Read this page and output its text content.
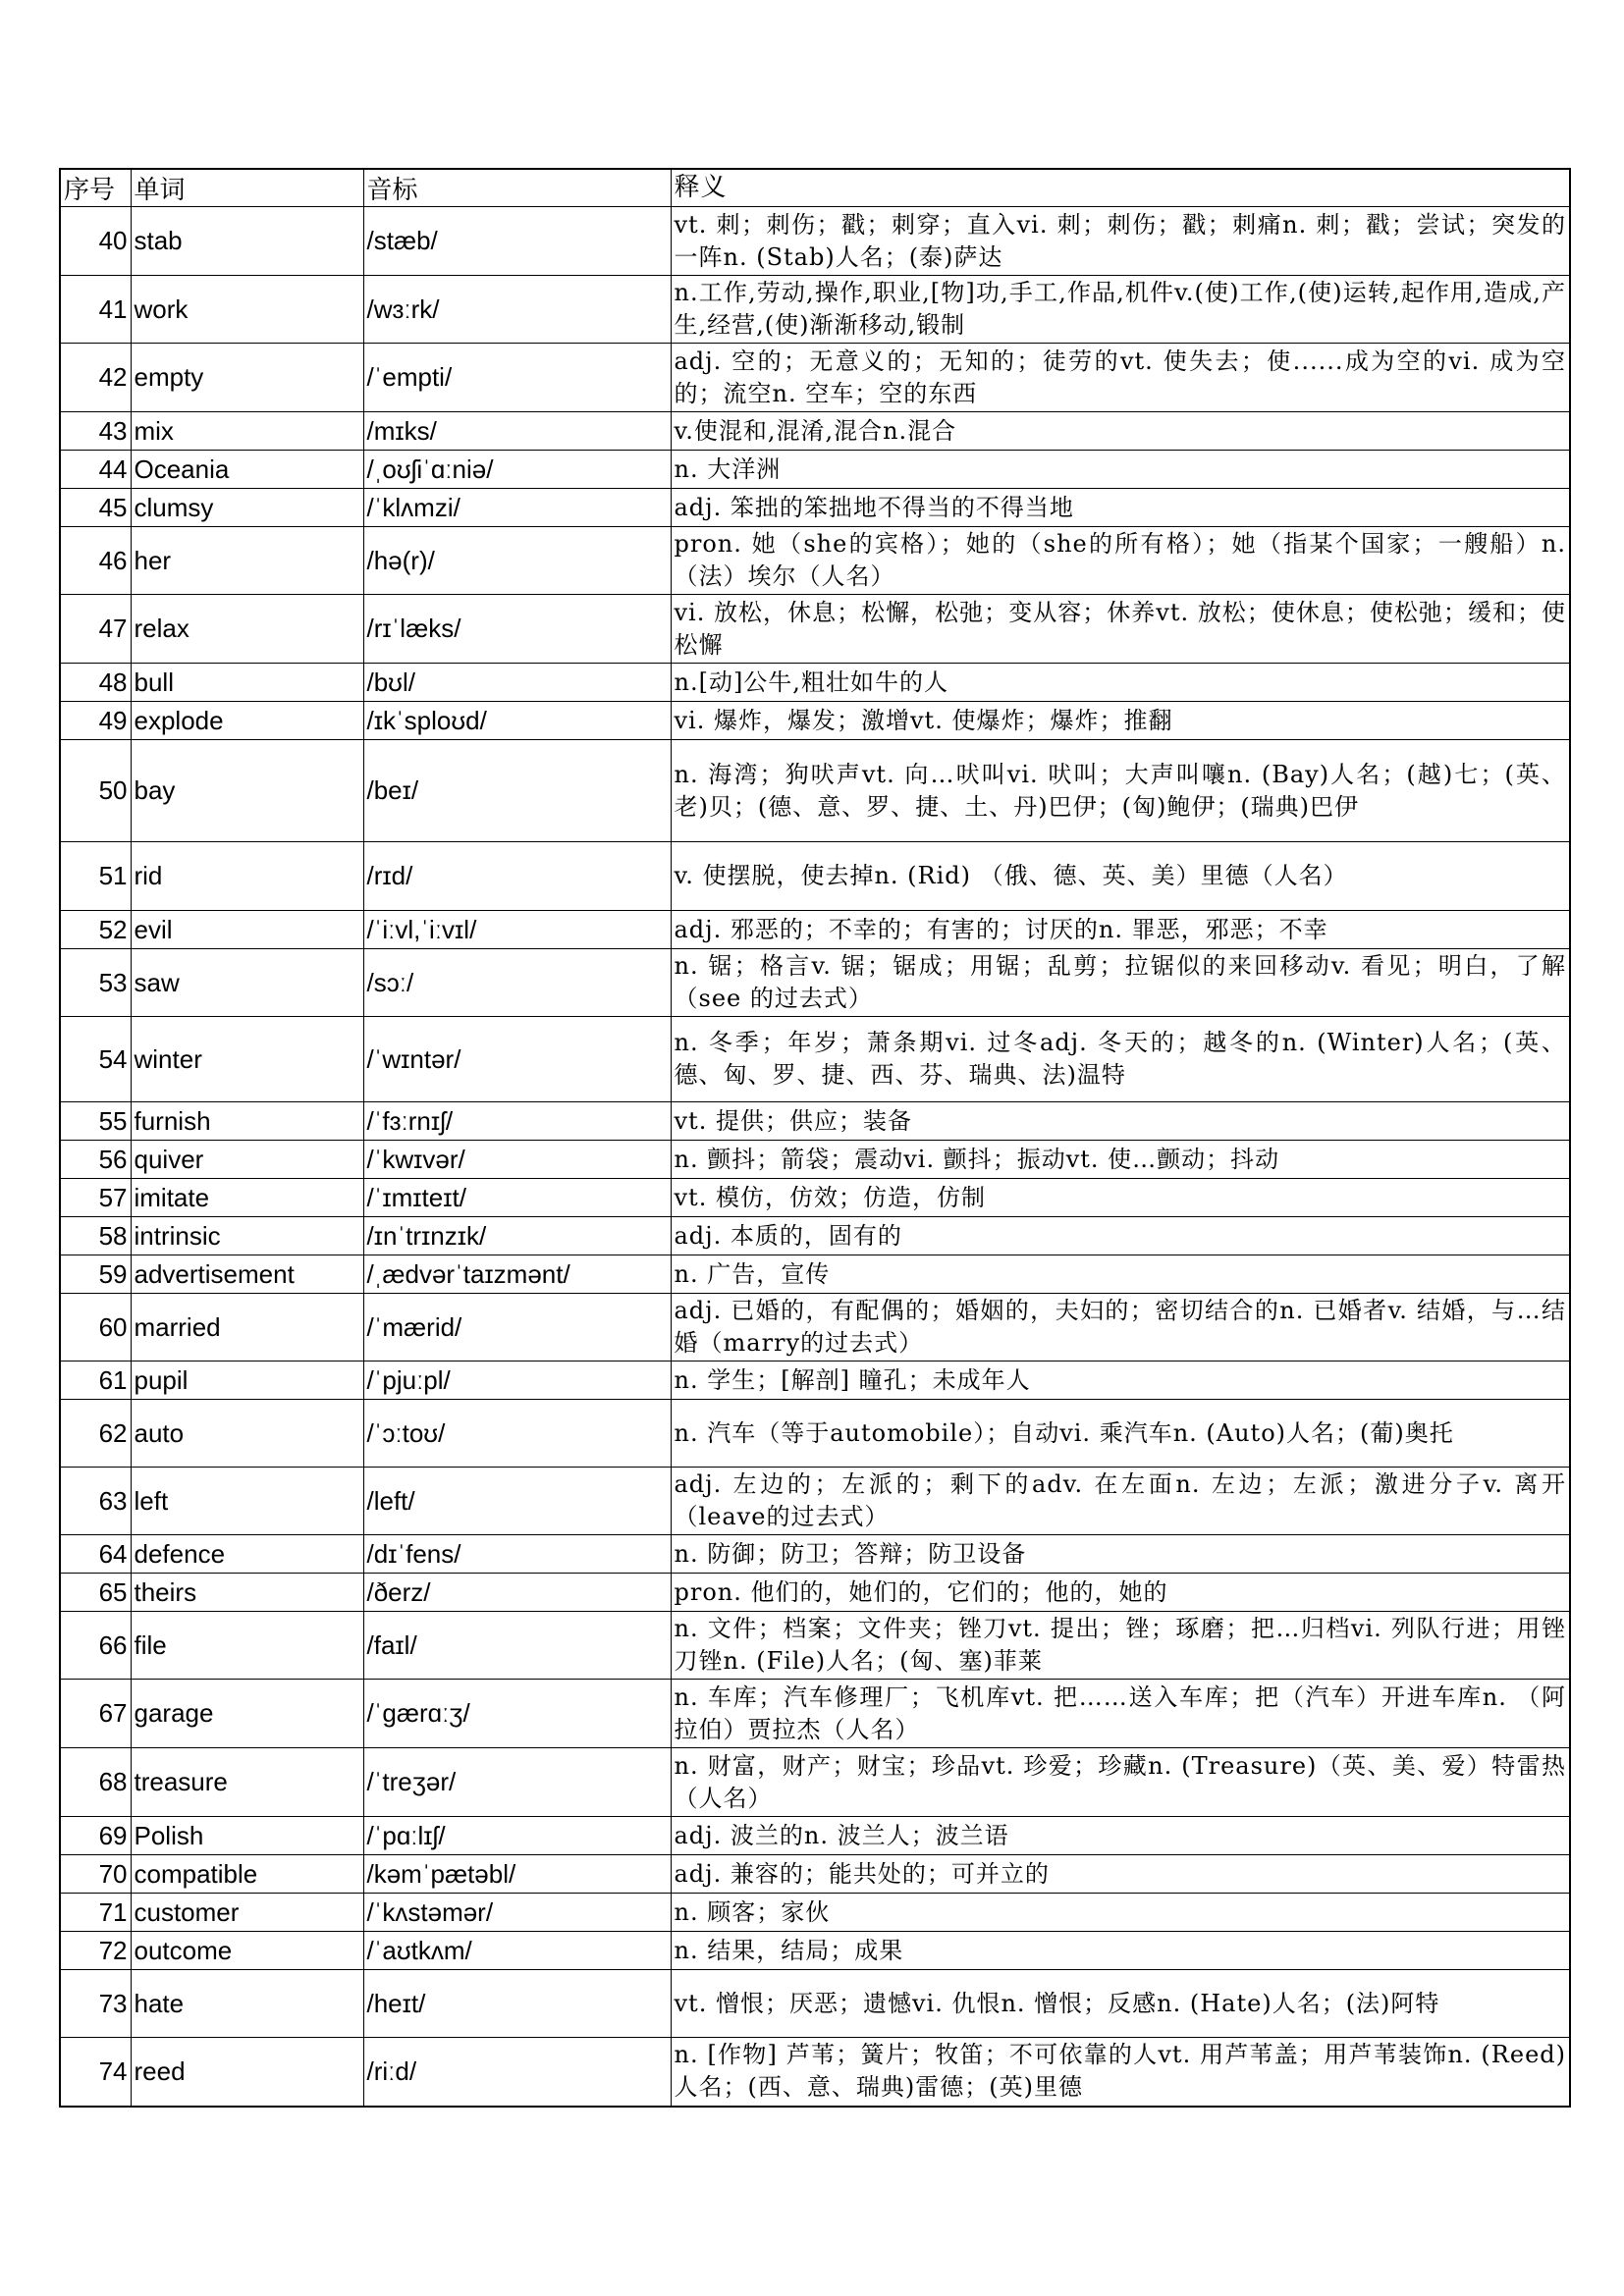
序号	单词	音标	释义
40	stab	/stæb/	vt. 刺；刺伤；戳；刺穿；直入vi. 刺；刺伤；戳；刺痛n. 刺；戳；尝试；突发的一阵n. (Stab)人名；(泰)萨达
41	work	/wɜːrk/	n.工作,劳动,操作,职业,[物]功,手工,作品,机件v.(使)工作,(使)运转,起作用,造成,产生,经营,(使)渐渐移动,锻制
42	empty	/ˈempti/	adj. 空的；无意义的；无知的；徒劳的vt. 使失去；使......成为空的vi. 成为空的；流空n. 空车；空的东西
43	mix	/mɪks/	v.使混和,混淆,混合n.混合
44	Oceania	/ˌoʊʃiˈɑːniə/	n. 大洋洲
45	clumsy	/ˈklʌmzi/	adj. 笨拙的笨拙地不得当的不得当地
46	her	/hə(r)/	pron. 她（she的宾格）；她的（she的所有格）；她（指某个国家；一艘船）n. （法）埃尔（人名）
47	relax	/rɪˈlæks/	vi. 放松，休息；松懈，松弛；变从容；休养vt. 放松；使休息；使松弛；缓和；使松懈
48	bull	/bʊl/	n.[动]公牛,粗壮如牛的人
49	explode	/ɪkˈsploʊd/	vi. 爆炸，爆发；激增vt. 使爆炸；爆炸；推翻
50	bay	/beɪ/	n. 海湾；狗吠声vt. 向…吠叫vi. 吠叫；大声叫嚷n. (Bay)人名；(越)七；(英、老)贝；(德、意、罗、捷、土、丹)巴伊；(匈)鲍伊；(瑞典)巴伊
51	rid	/rɪd/	v. 使摆脱，使去掉n. (Rid) （俄、德、英、美）里德（人名）
52	evil	/ˈiːvl,ˈiːvɪl/	adj. 邪恶的；不幸的；有害的；讨厌的n. 罪恶，邪恶；不幸
53	saw	/sɔː/	n. 锯；格言v. 锯；锯成；用锯；乱剪；拉锯似的来回移动v. 看见；明白，了解（see 的过去式）
54	winter	/ˈwɪntər/	n. 冬季；年岁；萧条期vi. 过冬adj. 冬天的；越冬的n. (Winter)人名；(英、德、匈、罗、捷、西、芬、瑞典、法)温特
55	furnish	/ˈfɜːrnɪʃ/	vt. 提供；供应；装备
56	quiver	/ˈkwɪvər/	n. 颤抖；箭袋；震动vi. 颤抖；振动vt. 使…颤动；抖动
57	imitate	/ˈɪmɪteɪt/	vt. 模仿，仿效；仿造，仿制
58	intrinsic	/ɪnˈtrɪnzɪk/	adj. 本质的，固有的
59	advertisement	/ˌædvərˈtaɪzmənt/	n. 广告，宣传
60	married	/ˈmærid/	adj. 已婚的，有配偶的；婚姻的，夫妇的；密切结合的n. 已婚者v. 结婚，与…结婚（marry的过去式）
61	pupil	/ˈpjuːpl/	n. 学生；[解剖] 瞳孔；未成年人
62	auto	/ˈɔːtoʊ/	n. 汽车（等于automobile）；自动vi. 乘汽车n. (Auto)人名；(葡)奥托
63	left	/left/	adj. 左边的；左派的；剩下的adv. 在左面n. 左边；左派；激进分子v. 离开（leave的过去式）
64	defence	/dɪˈfens/	n. 防御；防卫；答辩；防卫设备
65	theirs	/ðerz/	pron. 他们的，她们的，它们的；他的，她的
66	file	/faɪl/	n. 文件；档案；文件夹；锉刀vt. 提出；锉；琢磨；把…归档vi. 列队行进；用锉刀锉n. (File)人名；(匈、塞)菲莱
67	garage	/ˈɡærɑːʒ/	n. 车库；汽车修理厂；飞机库vt. 把……送入车库；把（汽车）开进车库n. （阿拉伯）贾拉杰（人名）
68	treasure	/ˈtreʒər/	n. 财富，财产；财宝；珍品vt. 珍爱；珍藏n. (Treasure)（英、美、爱）特雷热（人名）
69	Polish	/ˈpɑːlɪʃ/	adj. 波兰的n. 波兰人；波兰语
70	compatible	/kəmˈpætəbl/	adj. 兼容的；能共处的；可并立的
71	customer	/ˈkʌstəmər/	n. 顾客；家伙
72	outcome	/ˈaʊtkʌm/	n. 结果，结局；成果
73	hate	/heɪt/	vt. 憎恨；厌恶；遗憾vi. 仇恨n. 憎恨；反感n. (Hate)人名；(法)阿特
74	reed	/riːd/	n. [作物] 芦苇；簧片；牧笛；不可依靠的人vt. 用芦苇盖；用芦苇装饰n. (Reed)人名；(西、意、瑞典)雷德；(英)里德
